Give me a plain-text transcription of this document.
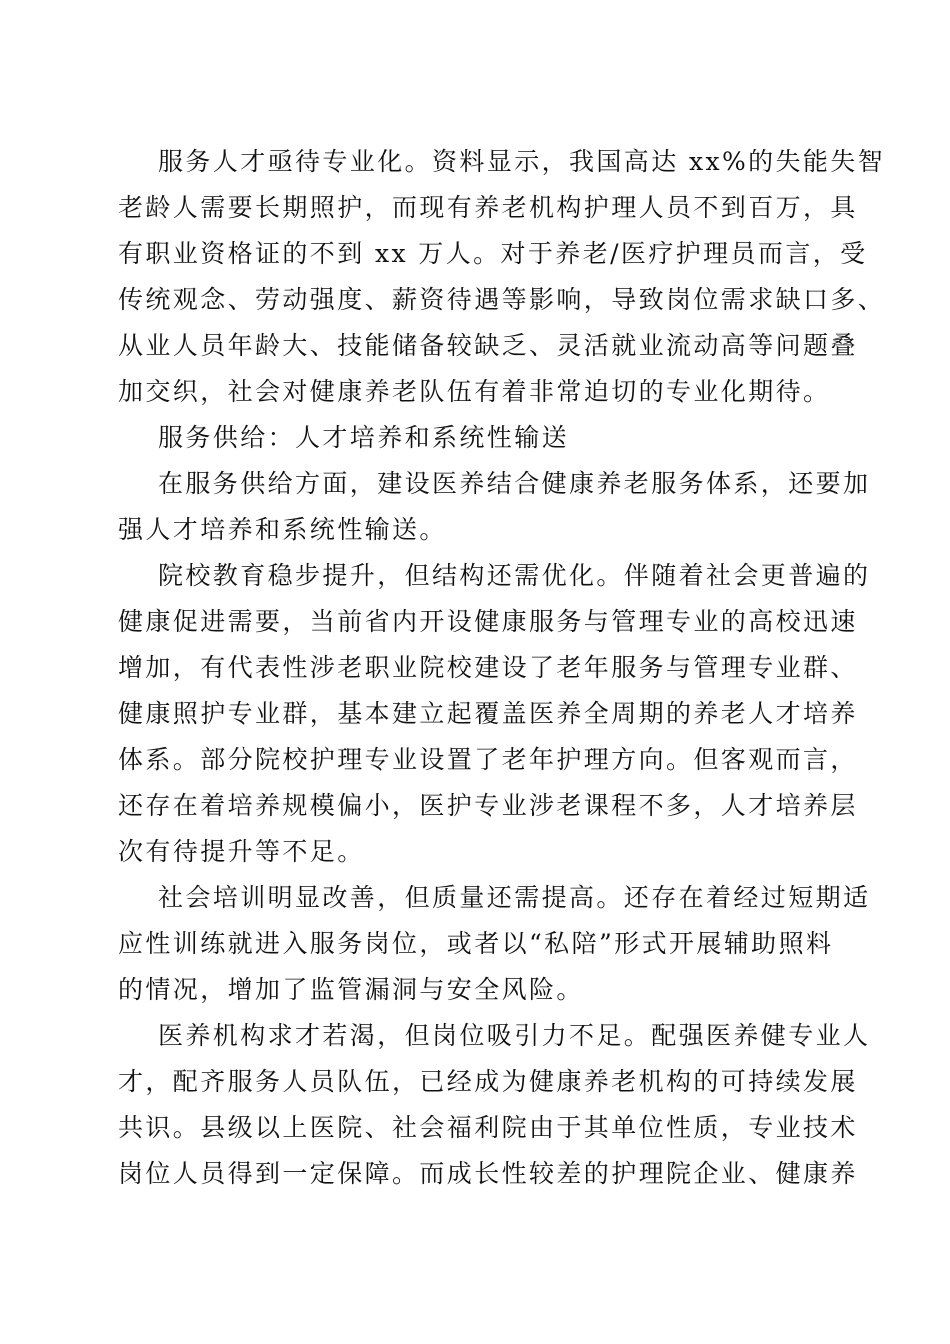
服务人才亟待专业化。资料显示，我国高达 xx%的失能失智
老龄人需要长期照护，而现有养老机构护理人员不到百万，具
有职业资格证的不到 xx 万人。对于养老/医疗护理员而言，受
传统观念、劳动强度、薪资待遇等影响，导致岗位需求缺口多、
从业人员年龄大、技能储备较缺乏、灵活就业流动高等问题叠
加交织，社会对健康养老队伍有着非常迫切的专业化期待。
服务供给：人才培养和系统性输送
在服务供给方面，建设医养结合健康养老服务体系，还要加
强人才培养和系统性输送。
院校教育稳步提升，但结构还需优化。伴随着社会更普遍的
健康促进需要，当前省内开设健康服务与管理专业的高校迅速
增加，有代表性涉老职业院校建设了老年服务与管理专业群、
健康照护专业群，基本建立起覆盖医养全周期的养老人才培养
体系。部分院校护理专业设置了老年护理方向。但客观而言，
还存在着培养规模偏小，医护专业涉老课程不多，人才培养层
次有待提升等不足。
社会培训明显改善，但质量还需提高。还存在着经过短期适
应性训练就进入服务岗位，或者以“私陪”形式开展辅助照料
的情况，增加了监管漏洞与安全风险。
医养机构求才若渴，但岗位吸引力不足。配强医养健专业人
才，配齐服务人员队伍，已经成为健康养老机构的可持续发展
共识。县级以上医院、社会福利院由于其单位性质，专业技术
岗位人员得到一定保障。而成长性较差的护理院企业、健康养
